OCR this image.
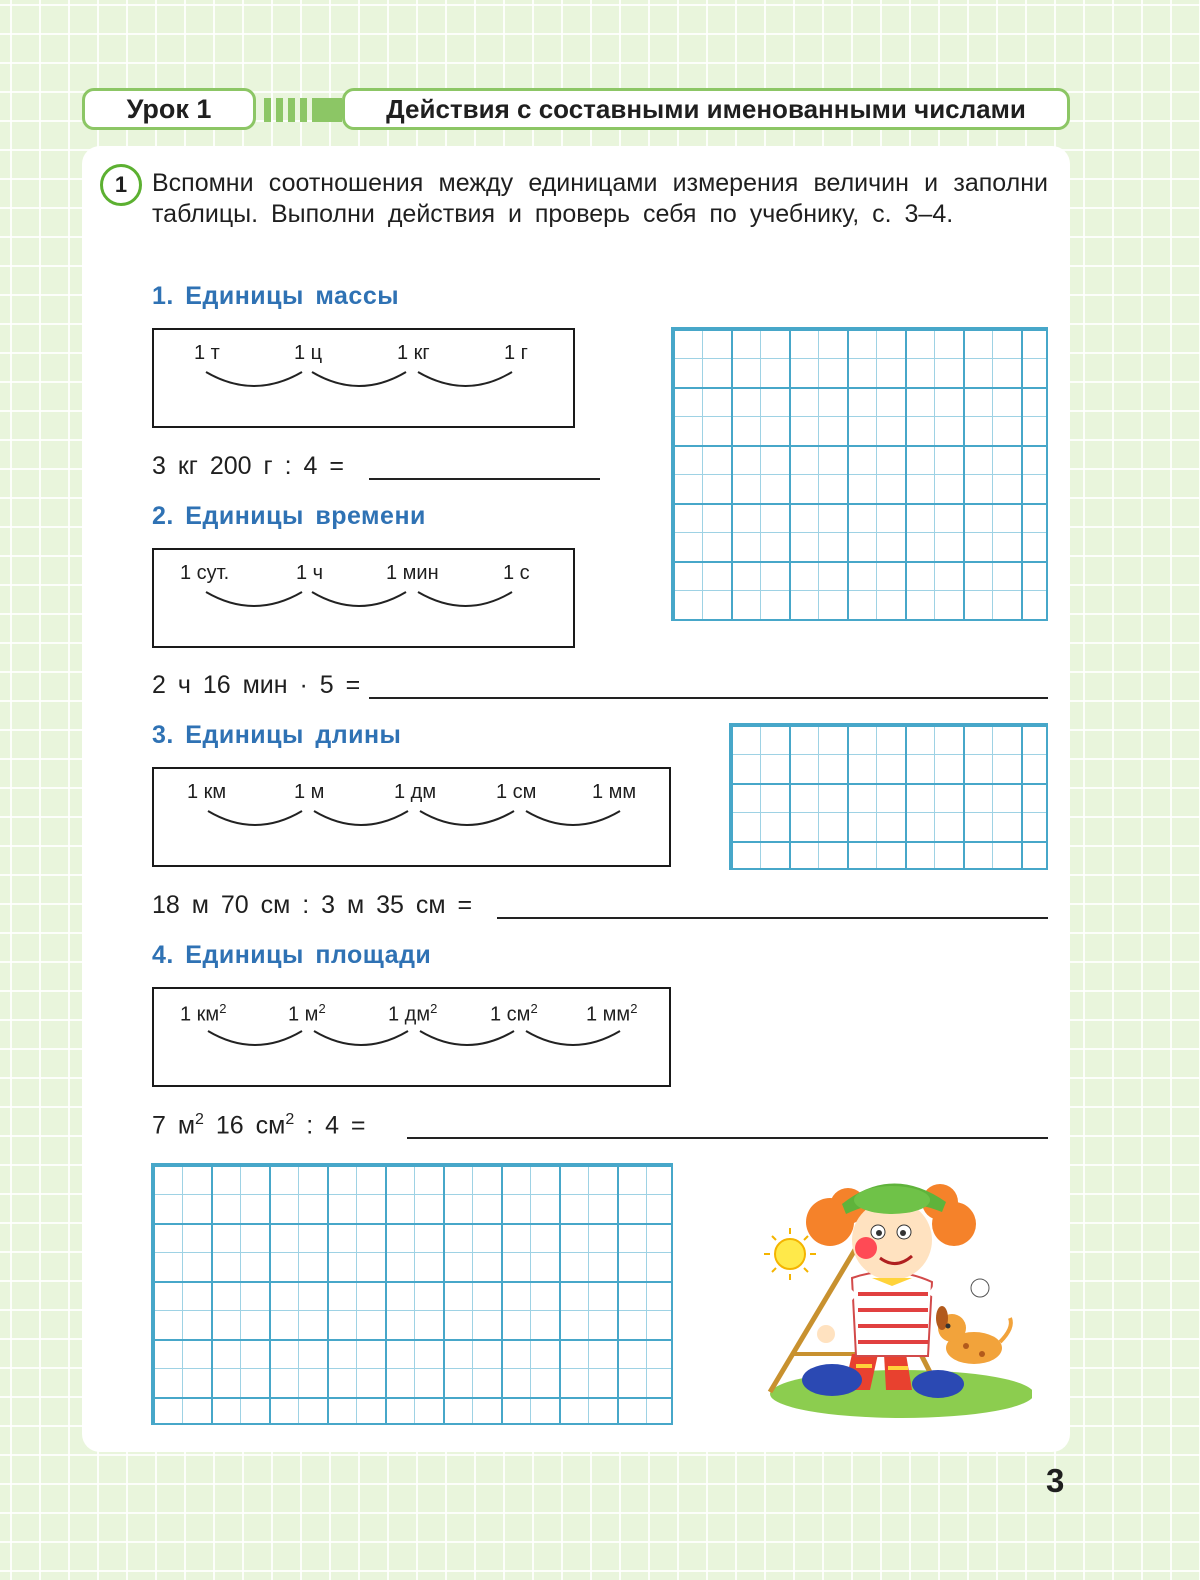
Урок 1	Действия с составными именованными числами
1 Вспомни соотношения между единицами измерения величин и заполни таблицы. Выполни действия и проверь себя по учебнику, с. 3–4.

1. Единицы массы
1 т	1 ц	1 кг	1 г
3 кг 200 г : 4 =
2. Единицы времени
1 сут.	1 ч	1 мин	1 с
2 ч 16 мин · 5 =
3. Единицы длины
1 км	1 м	1 дм	1 см	1 мм
18 м 70 см : 3 м 35 см =
4. Единицы площади
1 $км^2$	1 $м^2$	1 $дм^2$	1 $см^2$ 1 $мм^2$
7 $м^2$ 16 $см^2$ : 4 =
3
